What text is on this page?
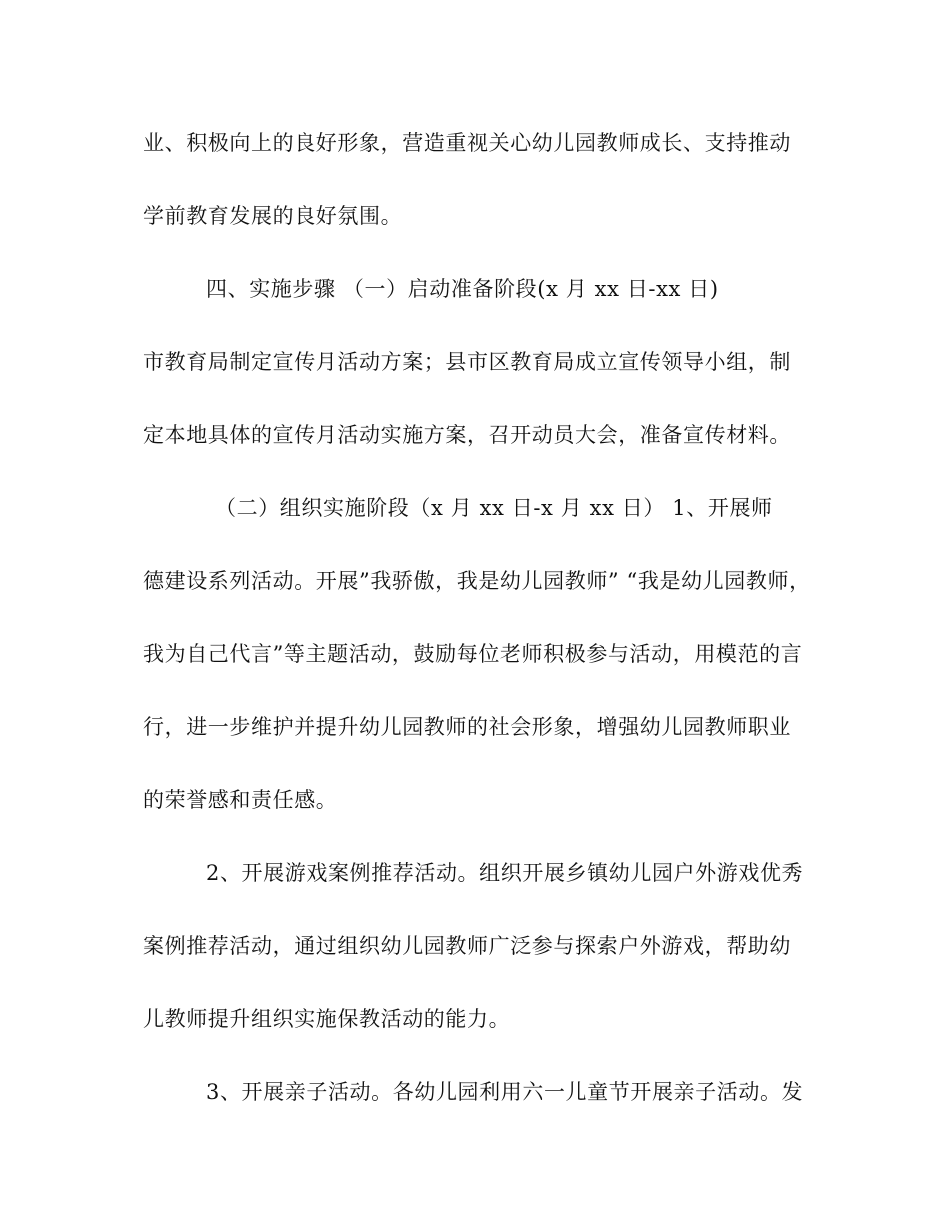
业、积极向上的良好形象，营造重视关心幼儿园教师成长、支持推动
学前教育发展的良好氛围。
四、实施步骤 （一）启动准备阶段(x 月 xx 日-xx 日)
市教育局制定宣传月活动方案；县市区教育局成立宣传领导小组，制
定本地具体的宣传月活动实施方案，召开动员大会，准备宣传材料。
（二）组织实施阶段（x 月 xx 日-x 月 xx 日） 1、开展师
德建设系列活动。开展”我骄傲，我是幼儿园教师” “我是幼儿园教师，
我为自己代言”等主题活动，鼓励每位老师积极参与活动，用模范的言
行，进一步维护并提升幼儿园教师的社会形象，增强幼儿园教师职业
的荣誉感和责任感。
2、开展游戏案例推荐活动。组织开展乡镇幼儿园户外游戏优秀
案例推荐活动，通过组织幼儿园教师广泛参与探索户外游戏，帮助幼
儿教师提升组织实施保教活动的能力。
3、开展亲子活动。各幼儿园利用六一儿童节开展亲子活动。发
